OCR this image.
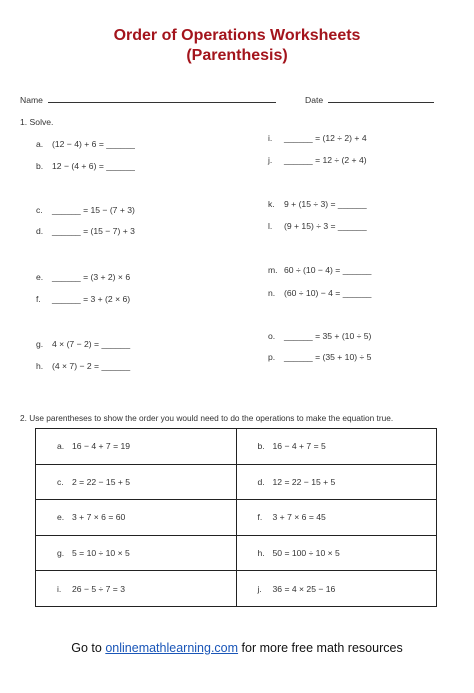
Order of Operations Worksheets
(Parenthesis)
Name	Date
1. Solve.
a. (12 − 4) + 6 = ______
b. 12 − (4 + 6) = ______
c. ______ = 15 − (7 + 3)
d. ______ = (15 − 7) + 3
e. ______ = (3 + 2) × 6
f. ______ = 3 + (2 × 6)
g. 4 × (7 − 2) = ______
h. (4 × 7) − 2 = ______
i. ______ = (12 ÷ 2) + 4
j. ______ = 12 ÷ (2 + 4)
k. 9 + (15 ÷ 3) = ______
l. (9 + 15) ÷ 3 = ______
m. 60 ÷ (10 − 4) = ______
n. (60 ÷ 10) − 4 = ______
o. ______ = 35 + (10 ÷ 5)
p. ______ = (35 + 10) ÷ 5
2. Use parentheses to show the order you would need to do the operations to make the equation true.
a. 16 − 4 + 7 = 19	b. 16 − 4 + 7 = 5
c. 2 = 22 − 15 + 5	d. 12 = 22 − 15 + 5
e. 3 + 7 × 6 = 60	f. 3 + 7 × 6 = 45
g. 5 = 10 ÷ 10 × 5	h. 50 = 100 ÷ 10 × 5
i. 26 − 5 ÷ 7 = 3	j. 36 = 4 × 25 − 16
Go to onlinemathlearning.com for more free math resources
